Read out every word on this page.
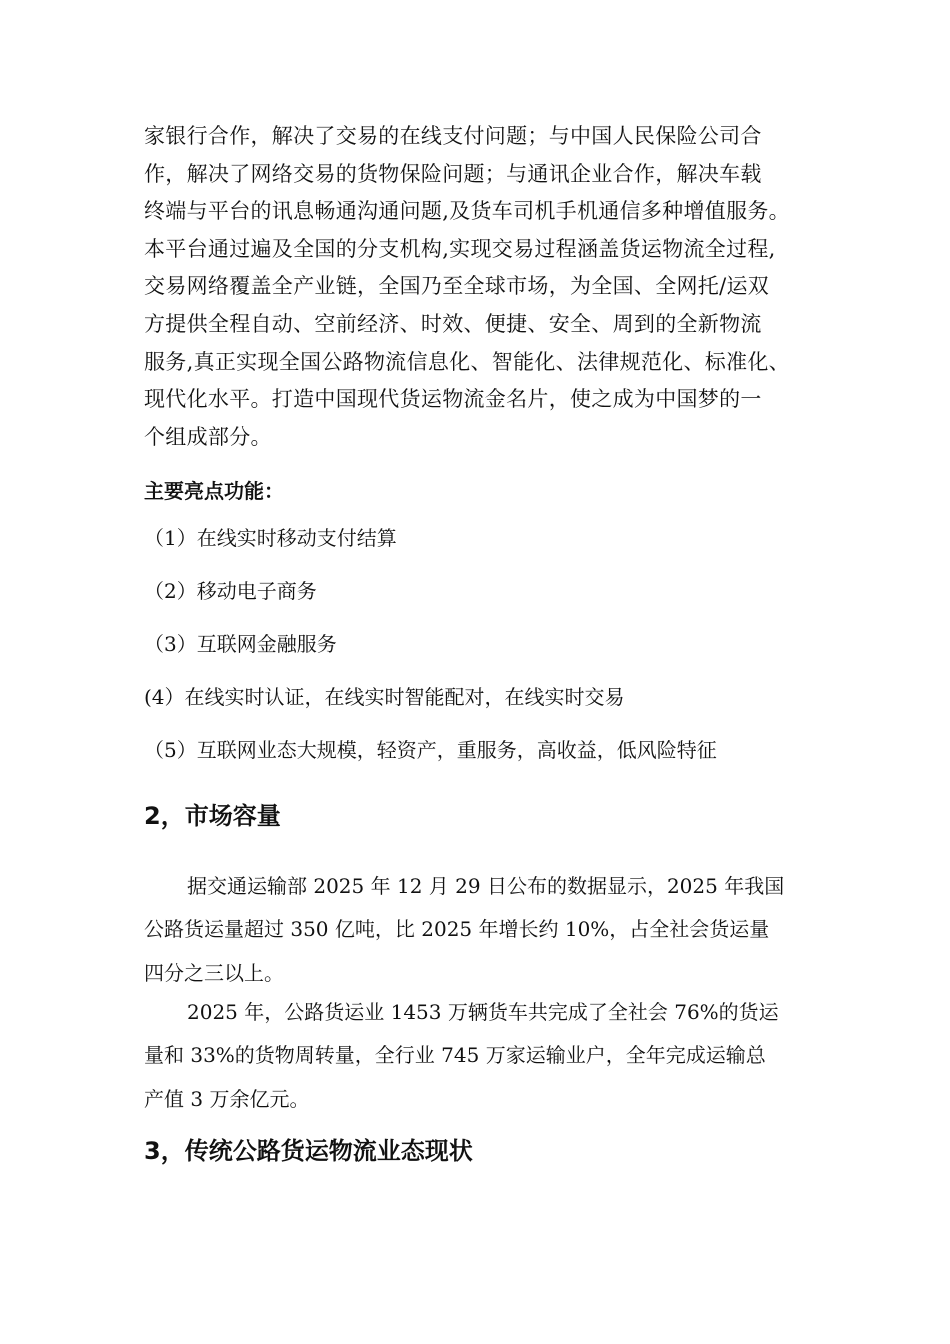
家银行合作，解决了交易的在线支付问题；与中国人民保险公司合
作，解决了网络交易的货物保险问题；与通讯企业合作，解决车载
终端与平台的讯息畅通沟通问题,及货车司机手机通信多种增值服务。
本平台通过遍及全国的分支机构,实现交易过程涵盖货运物流全过程,
交易网络覆盖全产业链，全国乃至全球市场，为全国、全网托/运双
方提供全程自动、空前经济、时效、便捷、安全、周到的全新物流
服务,真正实现全国公路物流信息化、智能化、法律规范化、标准化、
现代化水平。打造中国现代货运物流金名片，使之成为中国梦的一
个组成部分。
主要亮点功能：
（1）在线实时移动支付结算
（2）移动电子商务
（3）互联网金融服务
(4）在线实时认证，在线实时智能配对，在线实时交易
（5）互联网业态大规模，轻资产，重服务，高收益，低风险特征
2，市场容量
据交通运输部 2025 年 12 月 29 日公布的数据显示，2025 年我国
公路货运量超过 350 亿吨，比 2025 年增长约 10%，占全社会货运量
四分之三以上。
2025 年，公路货运业 1453 万辆货车共完成了全社会 76%的货运
量和 33%的货物周转量，全行业 745 万家运输业户，全年完成运输总
产值 3 万余亿元。
3，传统公路货运物流业态现状
